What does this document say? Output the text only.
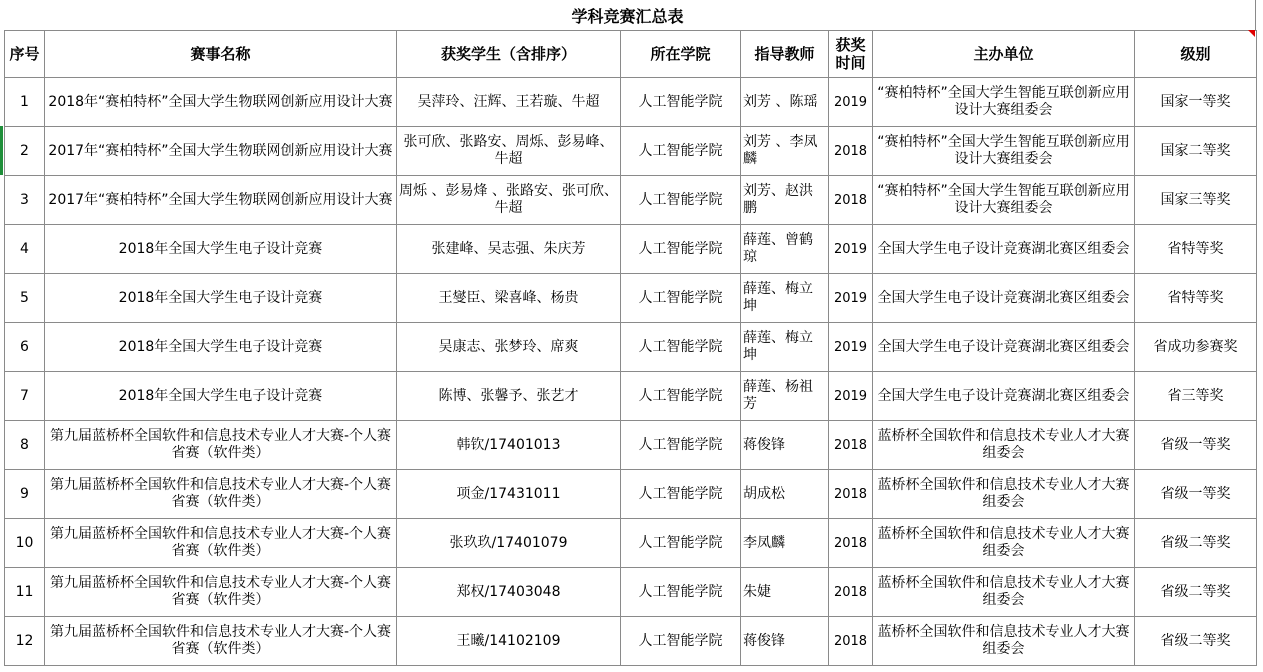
学科竞赛汇总表
序号	赛事名称	获奖学生（含排序）	所在学院	指导教师	获奖时间	主办单位	级别
1	2018年“赛柏特杯”全国大学生物联网创新应用设计大赛	吴萍玲、汪辉、王若璇、牛超	人工智能学院	刘芳 、陈瑶	2019	“赛柏特杯”全国大学生智能互联创新应用设计大赛组委会	国家一等奖
2	2017年“赛柏特杯”全国大学生物联网创新应用设计大赛	张可欣、张路安、周烁、彭易峰、牛超	人工智能学院	刘芳 、李凤麟	2018	“赛柏特杯”全国大学生智能互联创新应用设计大赛组委会	国家二等奖
3	2017年“赛柏特杯”全国大学生物联网创新应用设计大赛	周烁 、彭易烽 、张路安、张可欣、 牛超	人工智能学院	刘芳、赵洪鹏	2018	“赛柏特杯”全国大学生智能互联创新应用设计大赛组委会	国家三等奖
4	2018年全国大学生电子设计竞赛	张建峰、吴志强、朱庆芳	人工智能学院	薛莲、曾鹤琼	2019	全国大学生电子设计竞赛湖北赛区组委会	省特等奖
5	2018年全国大学生电子设计竞赛	王燮臣、梁喜峰、杨贵	人工智能学院	薛莲、梅立坤	2019	全国大学生电子设计竞赛湖北赛区组委会	省特等奖
6	2018年全国大学生电子设计竞赛	吴康志、张梦玲、席爽	人工智能学院	薛莲、梅立坤	2019	全国大学生电子设计竞赛湖北赛区组委会	省成功参赛奖
7	2018年全国大学生电子设计竞赛	陈博、张馨予、张艺才	人工智能学院	薛莲、杨祖芳	2019	全国大学生电子设计竞赛湖北赛区组委会	省三等奖
8	第九届蓝桥杯全国软件和信息技术专业人才大赛-个人赛省赛（软件类）	韩钦/17401013	人工智能学院	蒋俊锋	2018	蓝桥杯全国软件和信息技术专业人才大赛组委会	省级一等奖
9	第九届蓝桥杯全国软件和信息技术专业人才大赛-个人赛省赛（软件类）	项金/17431011	人工智能学院	胡成松	2018	蓝桥杯全国软件和信息技术专业人才大赛组委会	省级一等奖
10	第九届蓝桥杯全国软件和信息技术专业人才大赛-个人赛省赛（软件类）	张玖玖/17401079	人工智能学院	李凤麟	2018	蓝桥杯全国软件和信息技术专业人才大赛组委会	省级二等奖
11	第九届蓝桥杯全国软件和信息技术专业人才大赛-个人赛省赛（软件类）	郑权/17403048	人工智能学院	朱婕	2018	蓝桥杯全国软件和信息技术专业人才大赛组委会	省级二等奖
12	第九届蓝桥杯全国软件和信息技术专业人才大赛-个人赛省赛（软件类）	王曦/14102109	人工智能学院	蒋俊锋	2018	蓝桥杯全国软件和信息技术专业人才大赛组委会	省级二等奖
